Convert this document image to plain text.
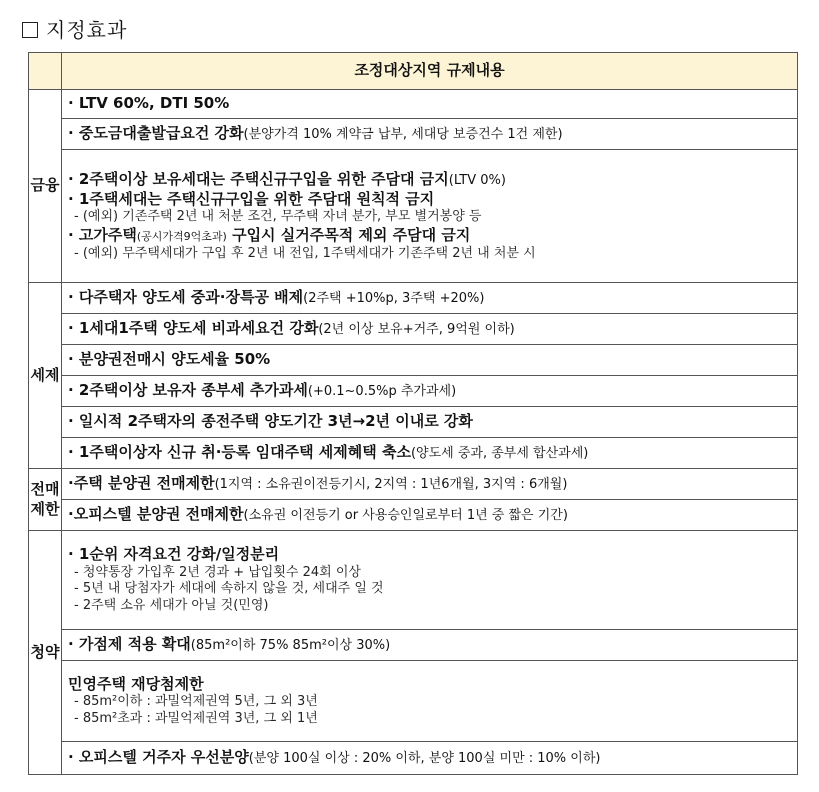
지정효과
	조정대상지역 규제내용
금융	· LTV 60%, DTI 50%
	· 중도금대출발급요건 강화(분양가격 10% 계약금 납부, 세대당 보증건수 1건 제한)

	· 2주택이상 보유세대는 주택신규구입을 위한 주담대 금지(LTV 0%)
· 1주택세대는 주택신규구입을 위한 주담대 원칙적 금지
- (예외) 기존주택 2년 내 처분 조건, 무주택 자녀 분가, 부모 별거봉양 등
· 고가주택(공시가격9억초과) 구입시 실거주목적 제외 주담대 금지
- (예외) 무주택세대가 구입 후 2년 내 전입, 1주택세대가 기존주택 2년 내 처분 시

세제	· 다주택자 양도세 중과·장특공 배제(2주택 +10%p, 3주택 +20%)
	· 1세대1주택 양도세 비과세요건 강화(2년 이상 보유+거주, 9억원 이하)
	· 분양권전매시 양도세율 50%
	· 2주택이상 보유자 종부세 추가과세(+0.1~0.5%p 추가과세)
	· 일시적 2주택자의 종전주택 양도기간 3년→2년 이내로 강화
	· 1주택이상자 신규 취·등록 임대주택 세제혜택 축소(양도세 중과, 종부세 합산과세)
전매
제한	·주택 분양권 전매제한(1지역 : 소유권이전등기시, 2지역 : 1년6개월, 3지역 : 6개월)
	·오피스텔 분양권 전매제한(소유권 이전등기 or 사용승인일로부터 1년 중 짧은 기간)
청약	· 1순위 자격요건 강화/일정분리
- 청약통장 가입후 2년 경과 + 납입횟수 24회 이상
- 5년 내 당첨자가 세대에 속하지 않을 것, 세대주 일 것
- 2주택 소유 세대가 아닐 것(민영)

	· 가점제 적용 확대(85m²이하 75% 85m²이상 30%)

	민영주택 재당첨제한
- 85m²이하 : 과밀억제권역 5년, 그 외 3년
- 85m²초과 : 과밀억제권역 3년, 그 외 1년

	· 오피스텔 거주자 우선분양(분양 100실 이상 : 20% 이하, 분양 100실 미만 : 10% 이하)
